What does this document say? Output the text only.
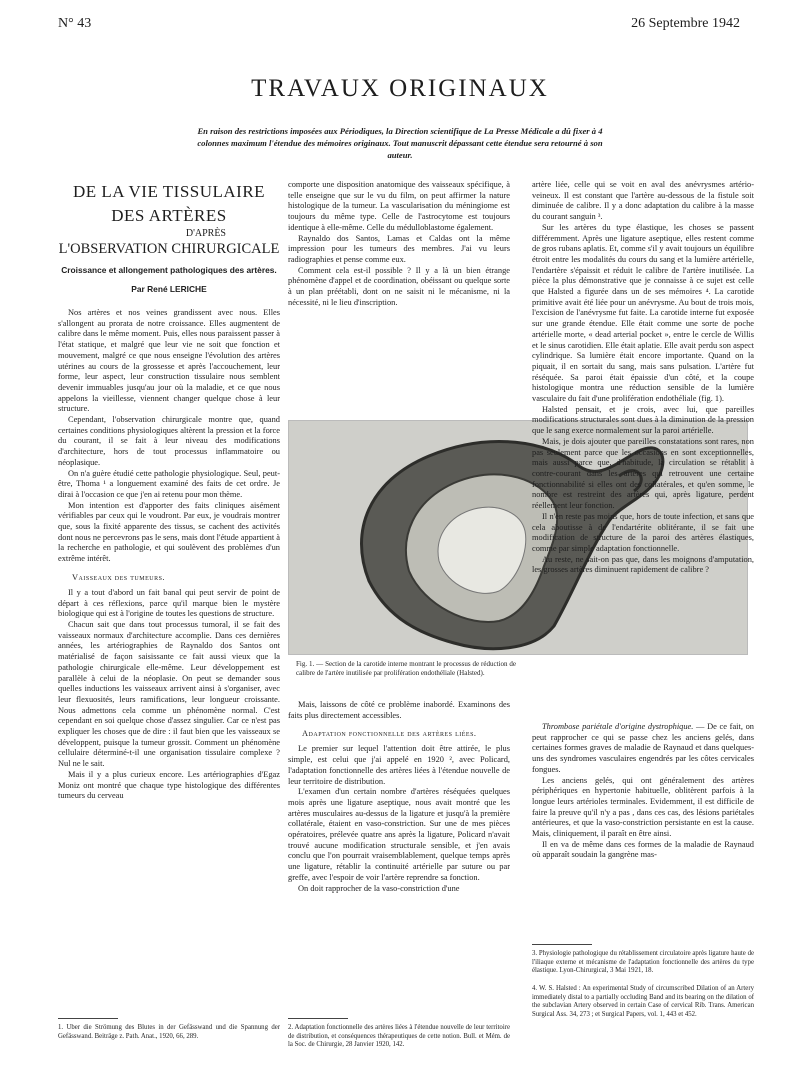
N° 43	26 Septembre 1942
TRAVAUX ORIGINAUX
En raison des restrictions imposées aux Périodiques, la Direction scientifique de La Presse Médicale a dû fixer à 4 colonnes maximum l'étendue des mémoires originaux. Tout manuscrit dépassant cette étendue sera retourné à son auteur.
DE LA VIE TISSULAIRE
DES ARTÈRES
D'APRÈS
L'OBSERVATION CHIRURGICALE
Croissance et allongement pathologiques des artères.
Par René LERICHE

Nos artères et nos veines grandissent avec nous. Elles s'allongent au prorata de notre croissance. Elles augmentent de calibre dans le même moment. Puis, elles nous paraissent passer à l'état statique, et malgré que leur vie ne soit que fonction et mouvement, malgré ce que nous enseigne l'évolution des artères utérines au cours de la grossesse et après l'accouchement, leur forme, leur aspect, leur construction tissulaire nous semblent devenir immuables jusqu'au jour où la maladie, et ce que nous appelons la vieillesse, viennent changer quelque chose à leur structure.

Cependant, l'observation chirurgicale montre que, quand certaines conditions physiologiques altèrent la pression et la force du courant, il se fait à leur niveau des modifications d'architecture, hors de tout processus inflammatoire ou néoplasique.

On n'a guère étudié cette pathologie physiologique. Seul, peut-être, Thoma ¹ a longuement examiné des faits de cet ordre. Je dirai à l'occasion ce que j'en ai retenu pour mon thème.

Mon intention est d'apporter des faits cliniques aisément vérifiables par ceux qui le voudront. Par eux, je voudrais montrer que, sous la fixité apparente des tissus, se cachent des activités dont nous ne percevrons pas le sens, mais dont l'étude appartient à la recherche en pathologie, et qui soulèvent des problèmes d'un extrême intérêt.

Vaisseaux des tumeurs.

Il y a tout d'abord un fait banal qui peut servir de point de départ à ces réflexions, parce qu'il marque bien le mystère biologique qui est à l'origine de toutes les questions de structure.

Chacun sait que dans tout processus tumoral, il se fait des vaisseaux normaux d'architecture accomplie. Dans ces dernières années, les artériographies de Raynaldo dos Santos ont matérialisé de façon saisissante ce fait aussi vieux que la pathologie chirurgicale elle-même. Leur développement est parallèle à celui de la néoplasie. On peut se demander sous quelles inductions les vaisseaux arrivent ainsi à s'organiser, avec leur flexuosités, leurs ramifications, leur longueur croissante. Nous admettons cela comme un phénomène normal. C'est cependant en soi quelque chose d'assez singulier. Car ce n'est pas expliquer les choses que de dire : il faut bien que les vaisseaux se développent, puisque la tumeur grossit. Comment un phénomène cellulaire déterminé-t-il une organisation tissulaire complexe ? Nul ne le sait.

Mais il y a plus curieux encore. Les artériographies d'Egaz Moniz ont montré que chaque type histologique des différentes tumeurs du cerveau

1. Uber die Strömung des Blutes in der Gefässwand und die Spannung der Gefässwand. Beiträge z. Path. Anat., 1920, 66, 289.

comporte une disposition anatomique des vaisseaux spécifique, à telle enseigne que sur le vu du film, on peut affirmer la nature histologique de la tumeur. La vascularisation du méningiome est toujours du même type. Celle de l'astrocytome est toujours identique à elle-même. Celle du médulloblastome également.

Raynaldo dos Santos, Lamas et Caldas ont la même impression pour les tumeurs des membres. J'ai vu leurs radiographies et pense comme eux.

Comment cela est-il possible ? Il y a là un bien étrange phénomène d'appel et de coordination, obéissant ou quelque sorte à un plan préétabli, dont on ne saisit ni le mécanisme, ni la nécessité, ni le lieu d'inscription.

Fig. 1. — Section de la carotide interne montrant le processus de réduction de calibre de l'artère inutilisée par prolifération endothéliale (Halsted).

Mais, laissons de côté ce problème inabordé. Examinons des faits plus directement accessibles.

Adaptation fonctionnelle des artères liées.

Le premier sur lequel l'attention doit être attirée, le plus simple, est celui que j'ai appelé en 1920 ², avec Policard, l'adaptation fonctionnelle des artères liées à l'étendue nouvelle de leur territoire de distribution.

L'examen d'un certain nombre d'artères réséquées quelques mois après une ligature aseptique, nous avait montré que les artères musculaires au-dessus de la ligature et jusqu'à la première collatérale, étaient en vaso-constriction. Sur une de mes pièces opératoires, prélevée quatre ans après la ligature, Policard n'avait trouvé aucune modification structurale sensible, et j'en avais conclu que l'on pourrait vraisemblablement, quelque temps après une ligature, rétablir la continuité artérielle par suture ou par greffe, avec l'espoir de voir l'artère reprendre sa fonction.

On doit rapprocher de la vaso-constriction d'une

2. Adaptation fonctionnelle des artères liées à l'étendue nouvelle de leur territoire de distribution, et conséquences thérapeutiques de cette notion. Bull. et Mém. de la Soc. de Chirurgie, 28 Janvier 1920, 142.

artère liée, celle qui se voit en aval des anévrysmes artério-veineux. Il est constant que l'artère au-dessous de la fistule soit diminuée de calibre. Il y a donc adaptation du calibre à la masse du courant sanguin ³.

Sur les artères du type élastique, les choses se passent différemment. Après une ligature aseptique, elles restent comme de gros rubans aplatis. Et, comme s'il y avait toujours un équilibre étroit entre les modalités du cours du sang et la lumière artérielle, l'endartère s'épaissit et réduit le calibre de l'artère inutilisée. La pièce la plus démonstrative que je connaisse à ce sujet est celle que Halsted a figurée dans un de ses mémoires ⁴. La carotide primitive avait été liée pour un anévrysme. Au bout de trois mois, l'excision de l'anévrysme fut faite. La carotide interne fut exposée sur une grande étendue. Elle était comme une sorte de poche artérielle morte, « dead arterial pocket », entre le cercle de Willis et le sinus carotidien. Elle était aplatie. Elle avait perdu son aspect cylindrique. Sa lumière était encore importante. Quand on la piquait, il en sortait du sang, mais sans pulsation. L'artère fut réséquée. Sa paroi était épaissie d'un côté, et la coupe histologique montra une réduction sensible de la lumière vasculaire du fait d'une prolifération endothéliale (fig. 1).

Halsted pensait, et je crois, avec lui, que pareilles modifications structurales sont dues à la diminution de la pression que le sang exerce normalement sur la paroi artérielle.

Mais, je dois ajouter que pareilles constatations sont rares, non pas seulement parce que les occasions en sont exceptionnelles, mais aussi parce que, d'habitude, la circulation se rétablit à contre-courant dans les artères qui retrouvent une certaine fonctionnabilité si elles ont des collatérales, et qu'en somme, le nombre est restreint des artères qui, après ligature, perdent réellement leur fonction.

Il n'en reste pas moins que, hors de toute infection, et sans que cela aboutisse à de l'endartérite oblitérante, il se fait une modification de structure de la paroi des artères élastiques, comme par simple adaptation fonctionnelle.

Au reste, ne sait-on pas que, dans les moignons d'amputation, les grosses artères diminuent rapidement de calibre ?

Thrombose pariétale d'origine dystrophique. — De ce fait, on peut rapprocher ce qui se passe chez les anciens gelés, dans certaines formes graves de maladie de Raynaud et dans quelques-uns des syndromes vasculaires engendrés par les côtes cervicales fongues.

Les anciens gelés, qui ont généralement des artères périphériques en hypertonie habituelle, oblitèrent parfois à la longue leurs artérioles terminales. Evidemment, il est difficile de faire la preuve qu'il n'y a pas , dans ces cas, des lésions pariétales antérieures, et que la vaso-constriction persistante en est la cause. Mais, cliniquement, il paraît en être ainsi.

Il en va de même dans ces formes de la maladie de Raynaud où apparaît soudain la gangrène mas-

3. Physiologie pathologique du rétablissement circulatoire après ligature haute de l'iliaque externe et mécanisme de l'adaptation fonctionnelle des artères du type élastique. Lyon-Chirurgical, 3 Mai 1921, 18.
4. W. S. Halsted : An experimental Study of circumscribed Dilation of an Artery immediately distal to a partially occluding Band and its bearing on the dilation of the subclavian Artery observed in certain Case of cervical Rib. Trans. American Surgical Ass. 34, 273 ; et Surgical Papers, vol. 1, 443 et 452.
